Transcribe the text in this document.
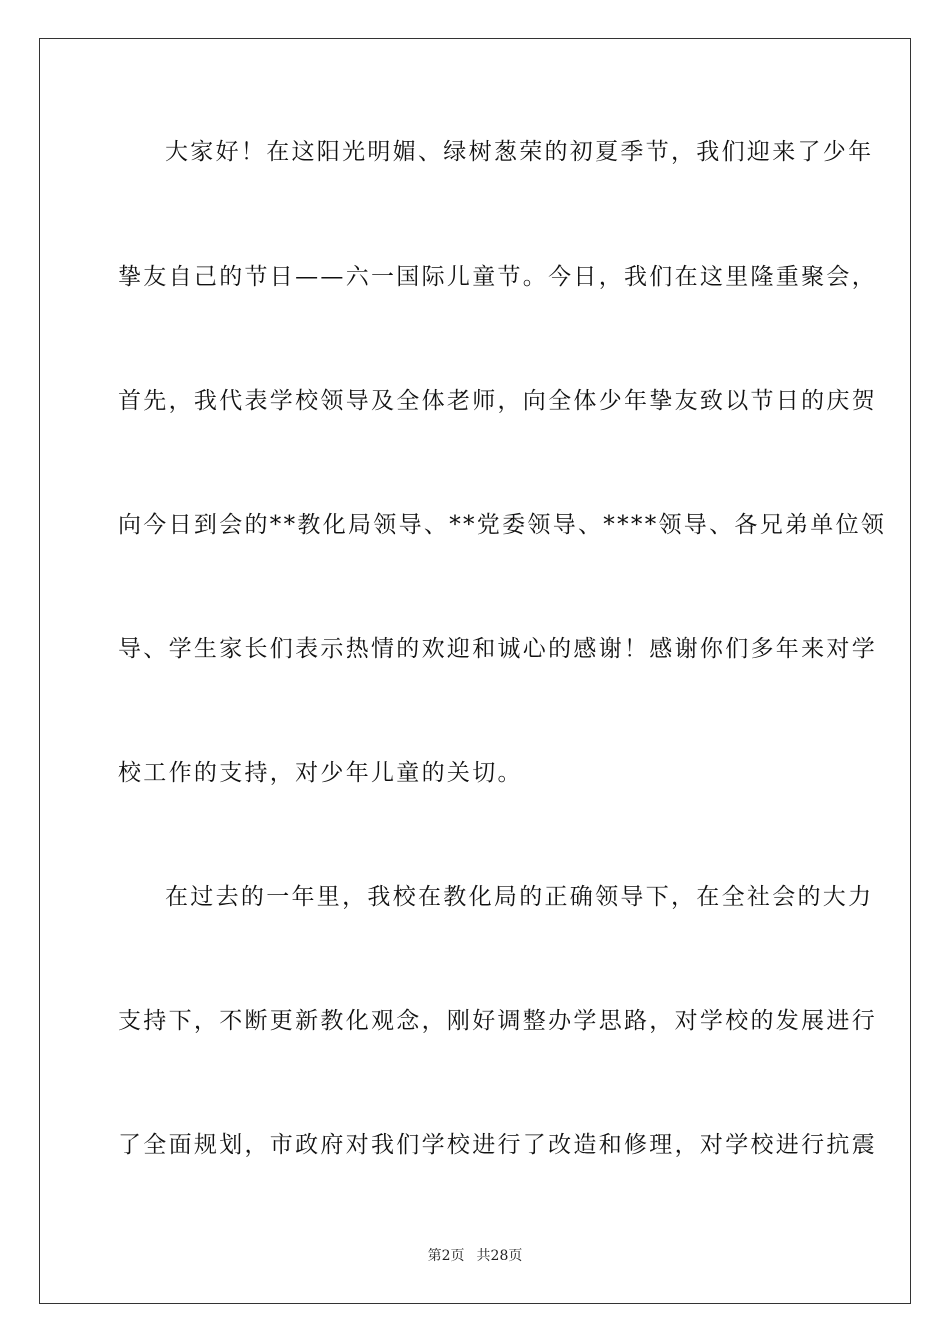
大家好！在这阳光明媚、绿树葱荣的初夏季节，我们迎来了少年
挚友自己的节日——六一国际儿童节。今日，我们在这里隆重聚会，
首先，我代表学校领导及全体老师，向全体少年挚友致以节日的庆贺
向今日到会的**教化局领导、**党委领导、****领导、各兄弟单位领
导、学生家长们表示热情的欢迎和诚心的感谢！感谢你们多年来对学
校工作的支持，对少年儿童的关切。
在过去的一年里，我校在教化局的正确领导下，在全社会的大力
支持下，不断更新教化观念，刚好调整办学思路，对学校的发展进行
了全面规划，市政府对我们学校进行了改造和修理，对学校进行抗震
第2页 共28页
